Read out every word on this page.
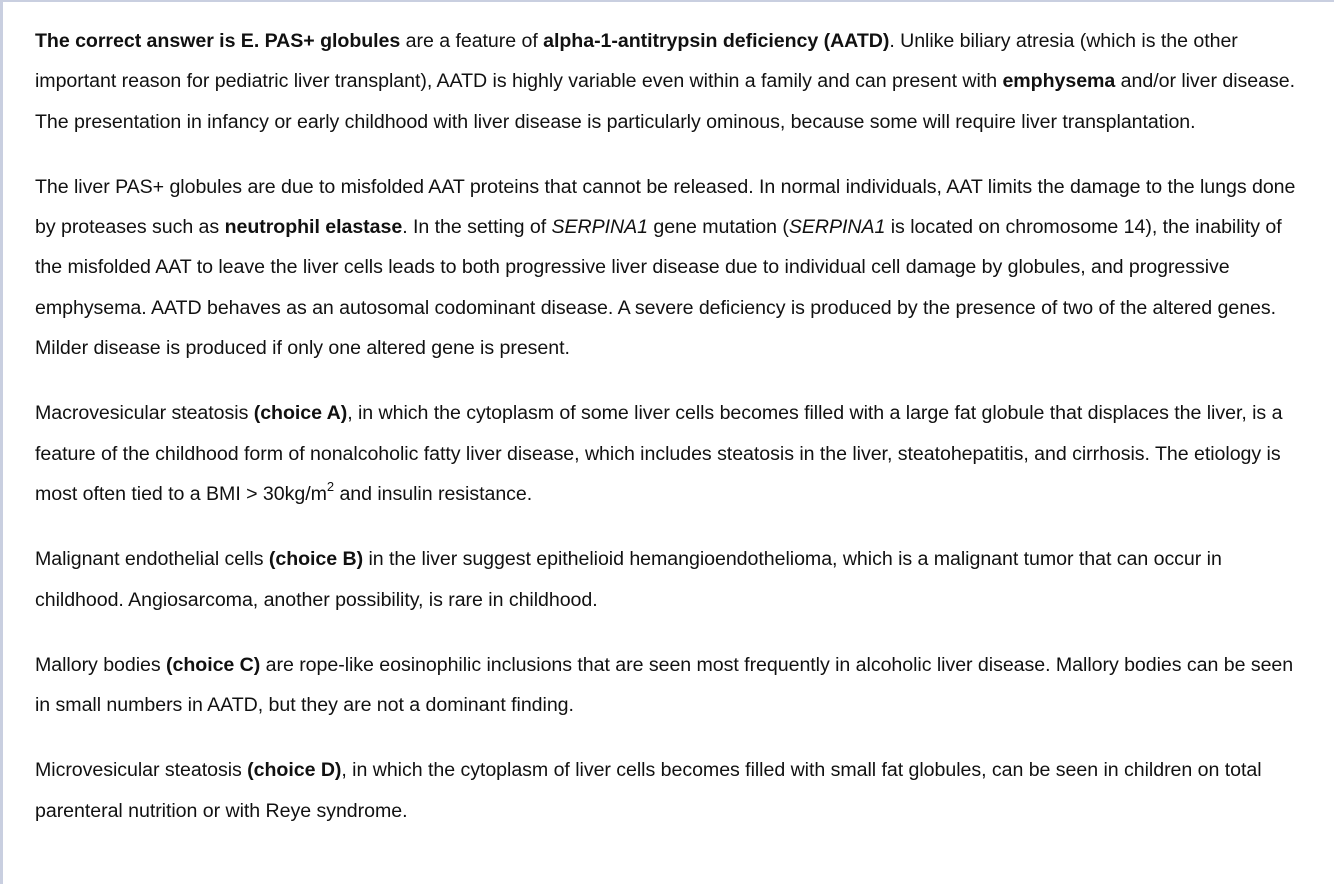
The correct answer is E. PAS+ globules are a feature of alpha-1-antitrypsin deficiency (AATD). Unlike biliary atresia (which is the other important reason for pediatric liver transplant), AATD is highly variable even within a family and can present with emphysema and/or liver disease. The presentation in infancy or early childhood with liver disease is particularly ominous, because some will require liver transplantation.

The liver PAS+ globules are due to misfolded AAT proteins that cannot be released. In normal individuals, AAT limits the damage to the lungs done by proteases such as neutrophil elastase. In the setting of SERPINA1 gene mutation (SERPINA1 is located on chromosome 14), the inability of the misfolded AAT to leave the liver cells leads to both progressive liver disease due to individual cell damage by globules, and progressive emphysema. AATD behaves as an autosomal codominant disease. A severe deficiency is produced by the presence of two of the altered genes. Milder disease is produced if only one altered gene is present.

Macrovesicular steatosis (choice A), in which the cytoplasm of some liver cells becomes filled with a large fat globule that displaces the liver, is a feature of the childhood form of nonalcoholic fatty liver disease, which includes steatosis in the liver, steatohepatitis, and cirrhosis. The etiology is most often tied to a BMI > $30kg/m^2$ and insulin resistance.

Malignant endothelial cells (choice B) in the liver suggest epithelioid hemangioendothelioma, which is a malignant tumor that can occur in childhood. Angiosarcoma, another possibility, is rare in childhood.

Mallory bodies (choice C) are rope-like eosinophilic inclusions that are seen most frequently in alcoholic liver disease. Mallory bodies can be seen in small numbers in AATD, but they are not a dominant finding.

Microvesicular steatosis (choice D), in which the cytoplasm of liver cells becomes filled with small fat globules, can be seen in children on total parenteral nutrition or with Reye syndrome.
